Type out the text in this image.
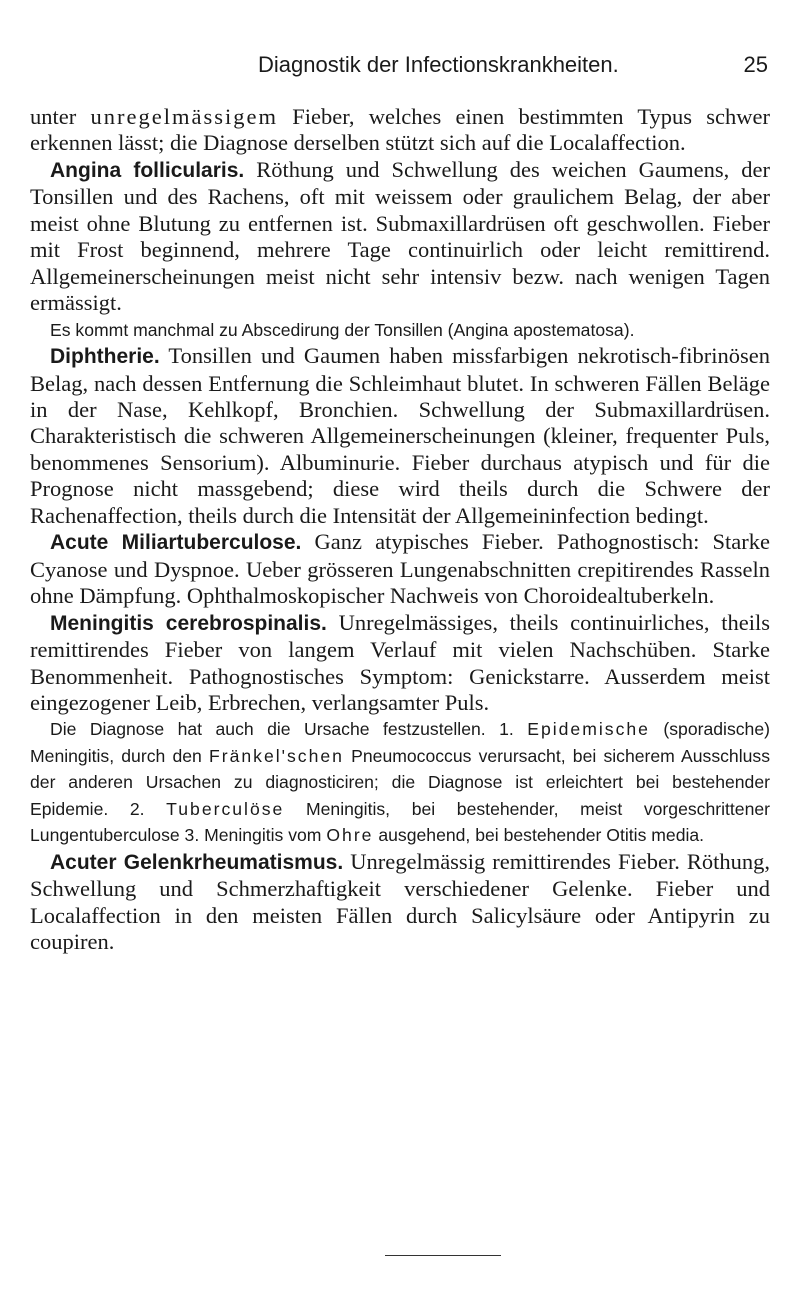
Diagnostik der Infectionskrankheiten.	25

unter unregelmässigem Fieber, welches einen bestimmten Typus schwer erkennen lässt; die Diagnose derselben stützt sich auf die Localaffection.

Angina follicularis. Röthung und Schwellung des weichen Gaumens, der Tonsillen und des Rachens, oft mit weissem oder graulichem Belag, der aber meist ohne Blutung zu entfernen ist. Submaxillardrüsen oft geschwollen. Fieber mit Frost beginnend, mehrere Tage continuirlich oder leicht remittirend. Allgemeinerscheinungen meist nicht sehr intensiv bezw. nach wenigen Tagen ermässigt.

Es kommt manchmal zu Abscedirung der Tonsillen (Angina apostematosa).

Diphtherie. Tonsillen und Gaumen haben missfarbigen nekrotisch-fibrinösen Belag, nach dessen Entfernung die Schleimhaut blutet. In schweren Fällen Beläge in der Nase, Kehlkopf, Bronchien. Schwellung der Submaxillardrüsen. Charakteristisch die schweren Allgemeinerscheinungen (kleiner, frequenter Puls, benommenes Sensorium). Albuminurie. Fieber durchaus atypisch und für die Prognose nicht massgebend; diese wird theils durch die Schwere der Rachenaffection, theils durch die Intensität der Allgemeininfection bedingt.

Acute Miliartuberculose. Ganz atypisches Fieber. Pathognostisch: Starke Cyanose und Dyspnoe. Ueber grösseren Lungenabschnitten crepitirendes Rasseln ohne Dämpfung. Ophthalmoskopischer Nachweis von Choroidealtuberkeln.

Meningitis cerebrospinalis. Unregelmässiges, theils continuirliches, theils remittirendes Fieber von langem Verlauf mit vielen Nachschüben. Starke Benommenheit. Pathognostisches Symptom: Genickstarre. Ausserdem meist eingezogener Leib, Erbrechen, verlangsamter Puls.

Die Diagnose hat auch die Ursache festzustellen. 1. Epidemische (sporadische) Meningitis, durch den Fränkel'schen Pneumococcus verursacht, bei sicherem Ausschluss der anderen Ursachen zu diagnosticiren; die Diagnose ist erleichtert bei bestehender Epidemie. 2. Tuberculöse Meningitis, bei bestehender, meist vorgeschrittener Lungentuberculose 3. Meningitis vom Ohre ausgehend, bei bestehender Otitis media.

Acuter Gelenkrheumatismus. Unregelmässig remittirendes Fieber. Röthung, Schwellung und Schmerzhaftigkeit verschiedener Gelenke. Fieber und Localaffection in den meisten Fällen durch Salicylsäure oder Antipyrin zu coupiren.
